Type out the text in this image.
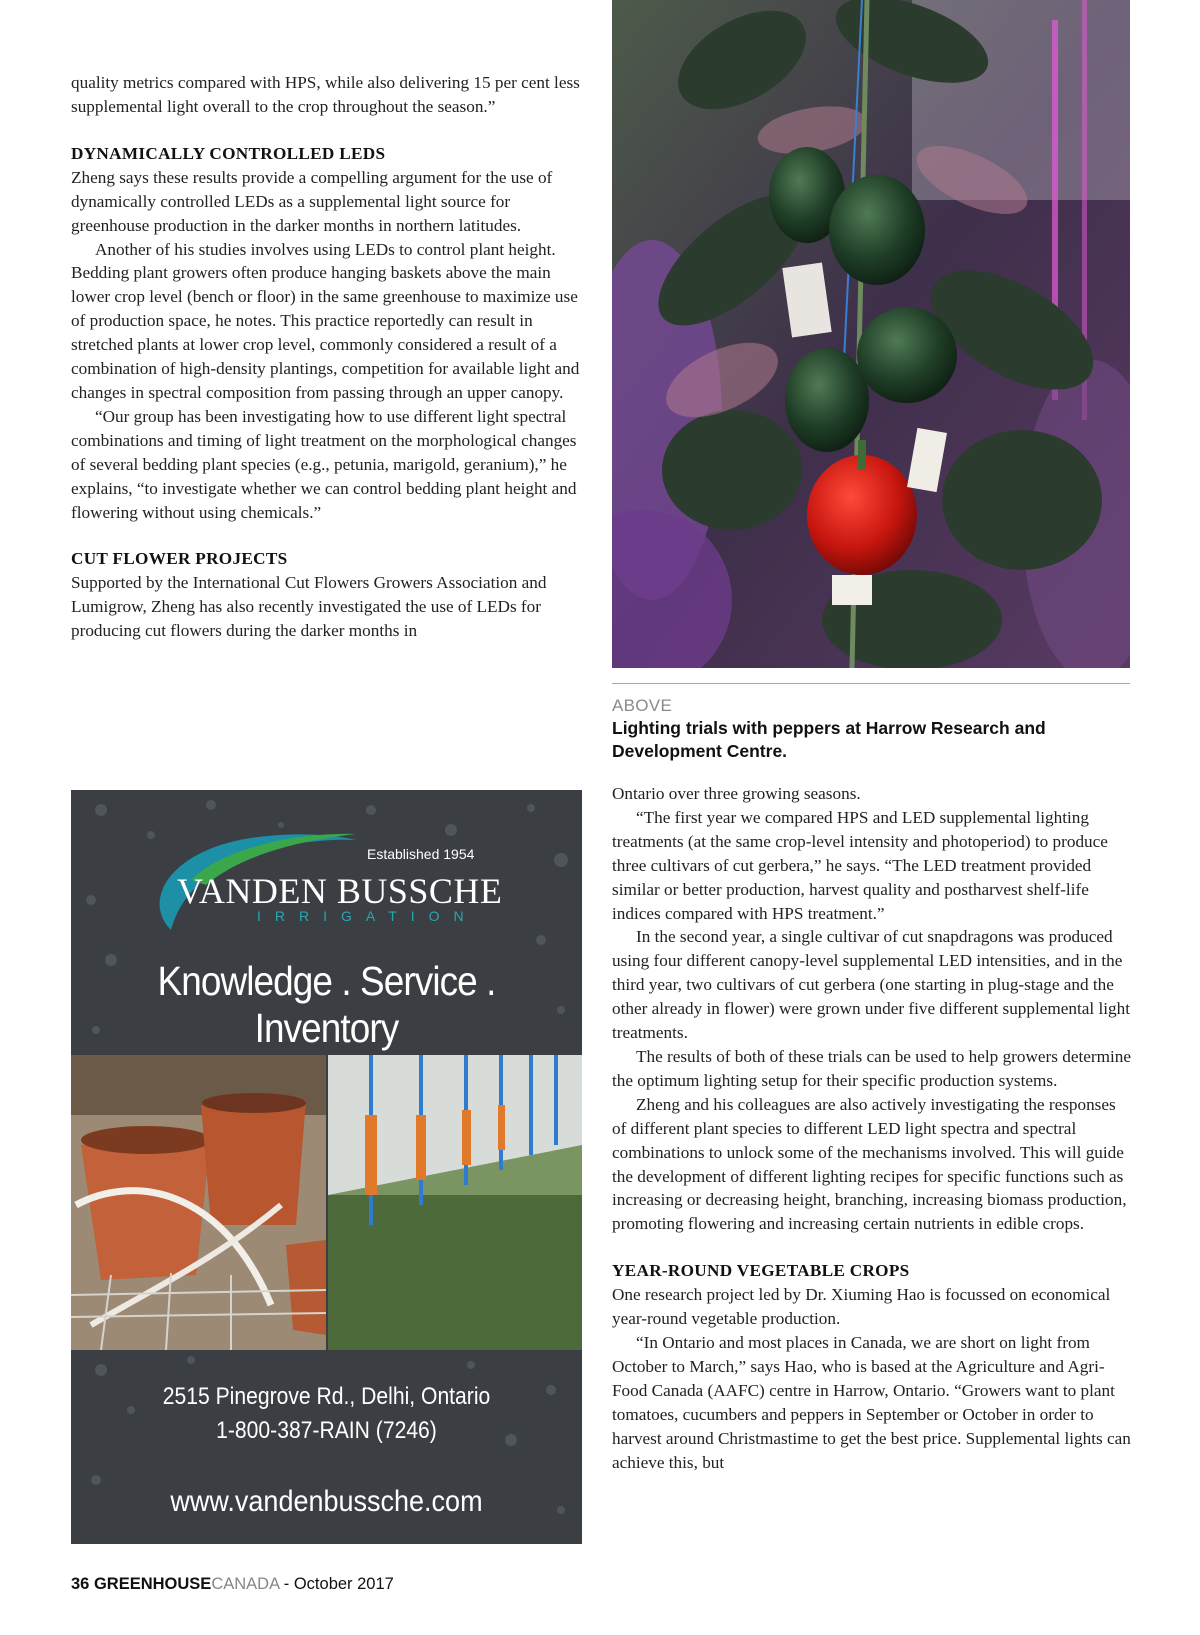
quality metrics compared with HPS, while also delivering 15 per cent less supplemental light overall to the crop throughout the season.”

DYNAMICALLY CONTROLLED LEDS

Zheng says these results provide a compelling argument for the use of dynamically controlled LEDs as a supplemental light source for greenhouse production in the darker months in northern latitudes.

Another of his studies involves using LEDs to control plant height. Bedding plant growers often produce hanging baskets above the main lower crop level (bench or floor) in the same greenhouse to maximize use of production space, he notes. This practice reportedly can result in stretched plants at lower crop level, commonly considered a result of a combination of high-density plantings, competition for available light and changes in spectral composition from passing through an upper canopy.

“Our group has been investigating how to use different light spectral combinations and timing of light treatment on the morphological changes of several bedding plant species (e.g., petunia, marigold, geranium),” he explains, “to investigate whether we can control bedding plant height and flowering without using chemicals.”

CUT FLOWER PROJECTS

Supported by the International Cut Flowers Growers Association and Lumigrow, Zheng has also recently investigated the use of LEDs for producing cut flowers during the darker months in

ABOVE
Lighting trials with peppers at Harrow Research and Development Centre.

Ontario over three growing seasons.

“The first year we compared HPS and LED supplemental lighting treatments (at the same crop-level intensity and photoperiod) to produce three cultivars of cut gerbera,” he says. “The LED treatment provided similar or better production, harvest quality and postharvest shelf-life indices compared with HPS treatment.”

In the second year, a single cultivar of cut snapdragons was produced using four different canopy-level supplemental LED intensities, and in the third year, two cultivars of cut gerbera (one starting in plug-stage and the other already in flower) were grown under five different supplemental light treatments.

The results of both of these trials can be used to help growers determine the optimum lighting setup for their specific production systems.

Zheng and his colleagues are also actively investigating the responses of different plant species to different LED light spectra and spectral combinations to unlock some of the mechanisms involved. This will guide the development of different lighting recipes for specific functions such as increasing or decreasing height, branching, increasing biomass production, promoting flowering and increasing certain nutrients in edible crops.

YEAR-ROUND VEGETABLE CROPS

One research project led by Dr. Xiuming Hao is focussed on economical year-round vegetable production.

“In Ontario and most places in Canada, we are short on light from October to March,” says Hao, who is based at the Agriculture and Agri-Food Canada (AAFC) centre in Harrow, Ontario. “Growers want to plant tomatoes, cucumbers and peppers in September or October in order to harvest around Christmastime to get the best price. Supplemental lights can achieve this, but

Established 1954
VANDEN BUSSCHE
IRRIGATION
Knowledge . Service . Inventory
2515 Pinegrove Rd., Delhi, Ontario
1-800-387-RAIN (7246)
www.vandenbussche.com
36 GREENHOUSECANADA - October 2017
